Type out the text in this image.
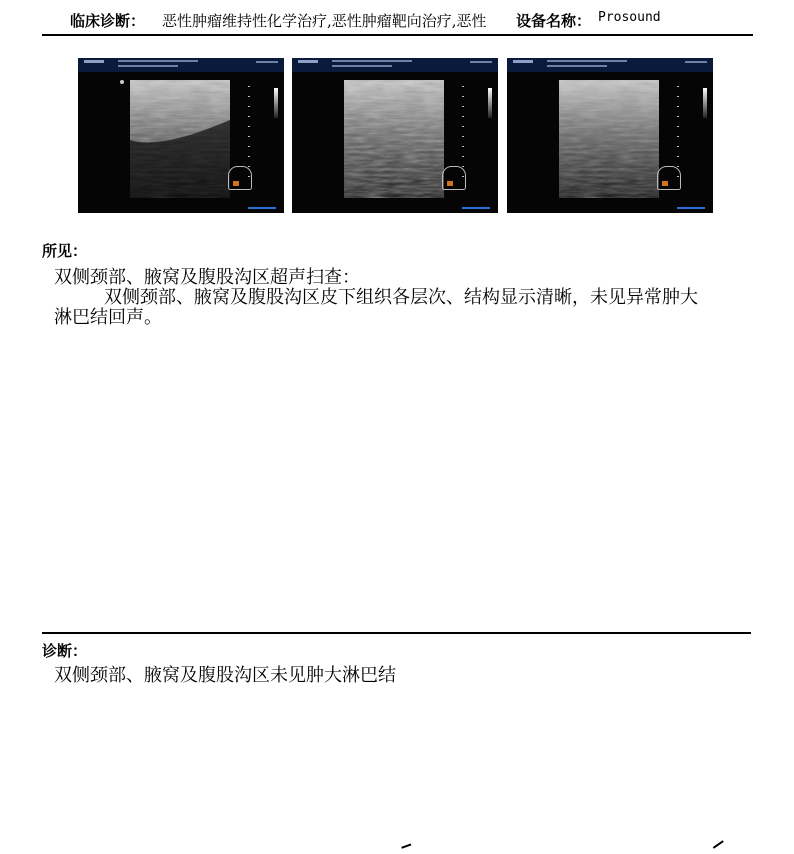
临床诊断： 恶性肿瘤维持性化学治疗,恶性肿瘤靶向治疗,恶性	设备名称： Prosound
所见：
双侧颈部、腋窝及腹股沟区超声扫查：
双侧颈部、腋窝及腹股沟区皮下组织各层次、结构显示清晰，未见异常肿大淋巴结回声。
诊断：
双侧颈部、腋窝及腹股沟区未见肿大淋巴结
